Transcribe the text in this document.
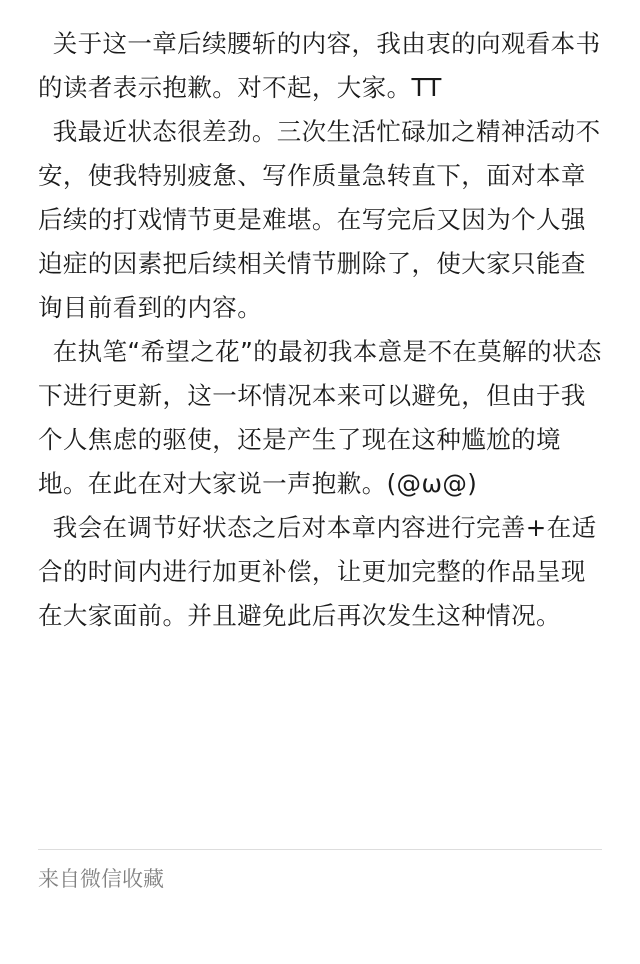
关于这一章后续腰斩的内容，我由衷的向观看本书的读者表示抱歉。对不起，大家。TT

我最近状态很差劲。三次生活忙碌加之精神活动不安，使我特别疲惫、写作质量急转直下，面对本章后续的打戏情节更是难堪。在写完后又因为个人强迫症的因素把后续相关情节删除了，使大家只能查询目前看到的内容。

在执笔“希望之花”的最初我本意是不在莫解的状态下进行更新，这一坏情况本来可以避免，但由于我个人焦虑的驱使，还是产生了现在这种尴尬的境地。在此在对大家说一声抱歉。(@ω@)

我会在调节好状态之后对本章内容进行完善+在适合的时间内进行加更补偿，让更加完整的作品呈现在大家面前。并且避免此后再次发生这种情况。

来自微信收藏
